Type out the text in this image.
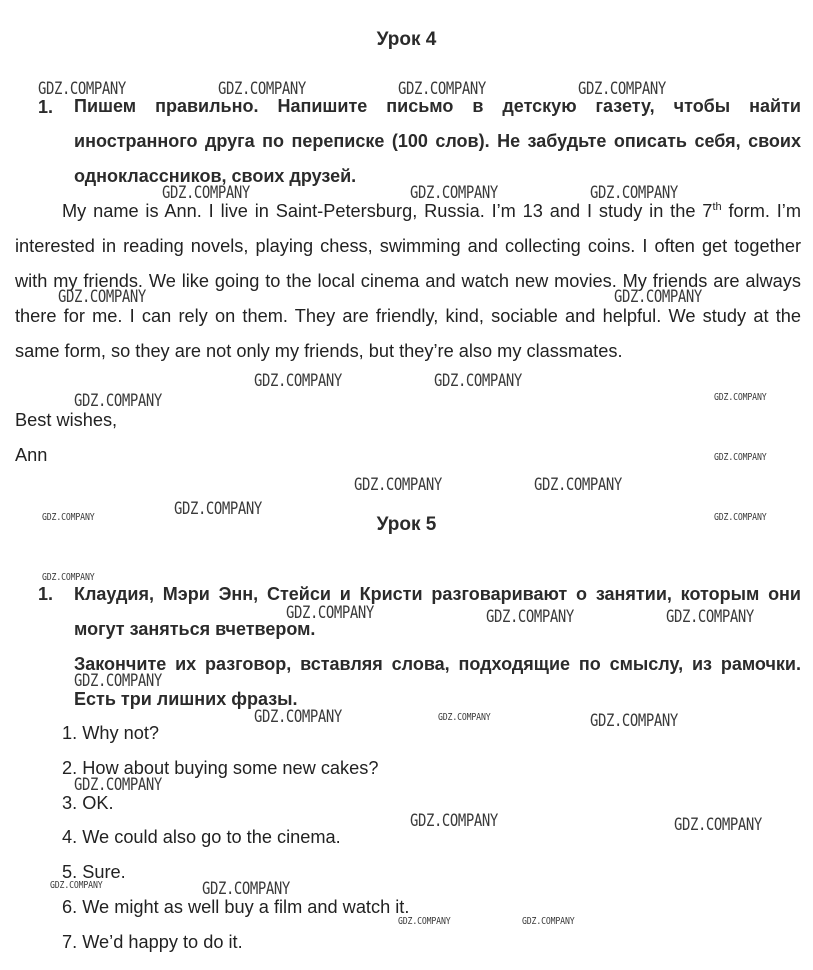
Урок 4
1. Пишем правильно. Напишите письмо в детскую газету, чтобы найти иностранного друга по переписке (100 слов). Не забудьте описать себя, своих одноклассников, своих друзей.
My name is Ann. I live in Saint-Petersburg, Russia. I’m 13 and I study in the 7th form. I’m interested in reading novels, playing chess, swimming and collecting coins. I often get together with my friends. We like going to the local cinema and watch new movies. My friends are always there for me. I can rely on them. They are friendly, kind, sociable and helpful. We study at the same form, so they are not only my friends, but they’re also my classmates.
Best wishes,
Ann
Урок 5
1. Клаудия, Мэри Энн, Стейси и Кристи разговаривают о занятии, которым они могут заняться вчетвером.
Закончите их разговор, вставляя слова, подходящие по смыслу, из рамочки. Есть три лишних фразы.
1. Why not?
2. How about buying some new cakes?
3. OK.
4. We could also go to the cinema.
5. Sure.
6. We might as well buy a film and watch it.
7. We’d happy to do it.
GDZ.COMPANY	GDZ.COMPANY	GDZ.COMPANY	GDZ.COMPANY
GDZ.COMPANY	GDZ.COMPANY	GDZ.COMPANY
GDZ.COMPANY	GDZ.COMPANY
GDZ.COMPANY	GDZ.COMPANY
GDZ.COMPANY	GDZ.COMPANY
GDZ.COMPANY
GDZ.COMPANY	GDZ.COMPANY
GDZ.COMPANY
GDZ.COMPANY	GDZ.COMPANY
GDZ.COMPANY
GDZ.COMPANY	GDZ.COMPANY	GDZ.COMPANY
GDZ.COMPANY
GDZ.COMPANY	GDZ.COMPANY	GDZ.COMPANY
GDZ.COMPANY
GDZ.COMPANY	GDZ.COMPANY
GDZ.COMPANY	GDZ.COMPANY
GDZ.COMPANY	GDZ.COMPANY
